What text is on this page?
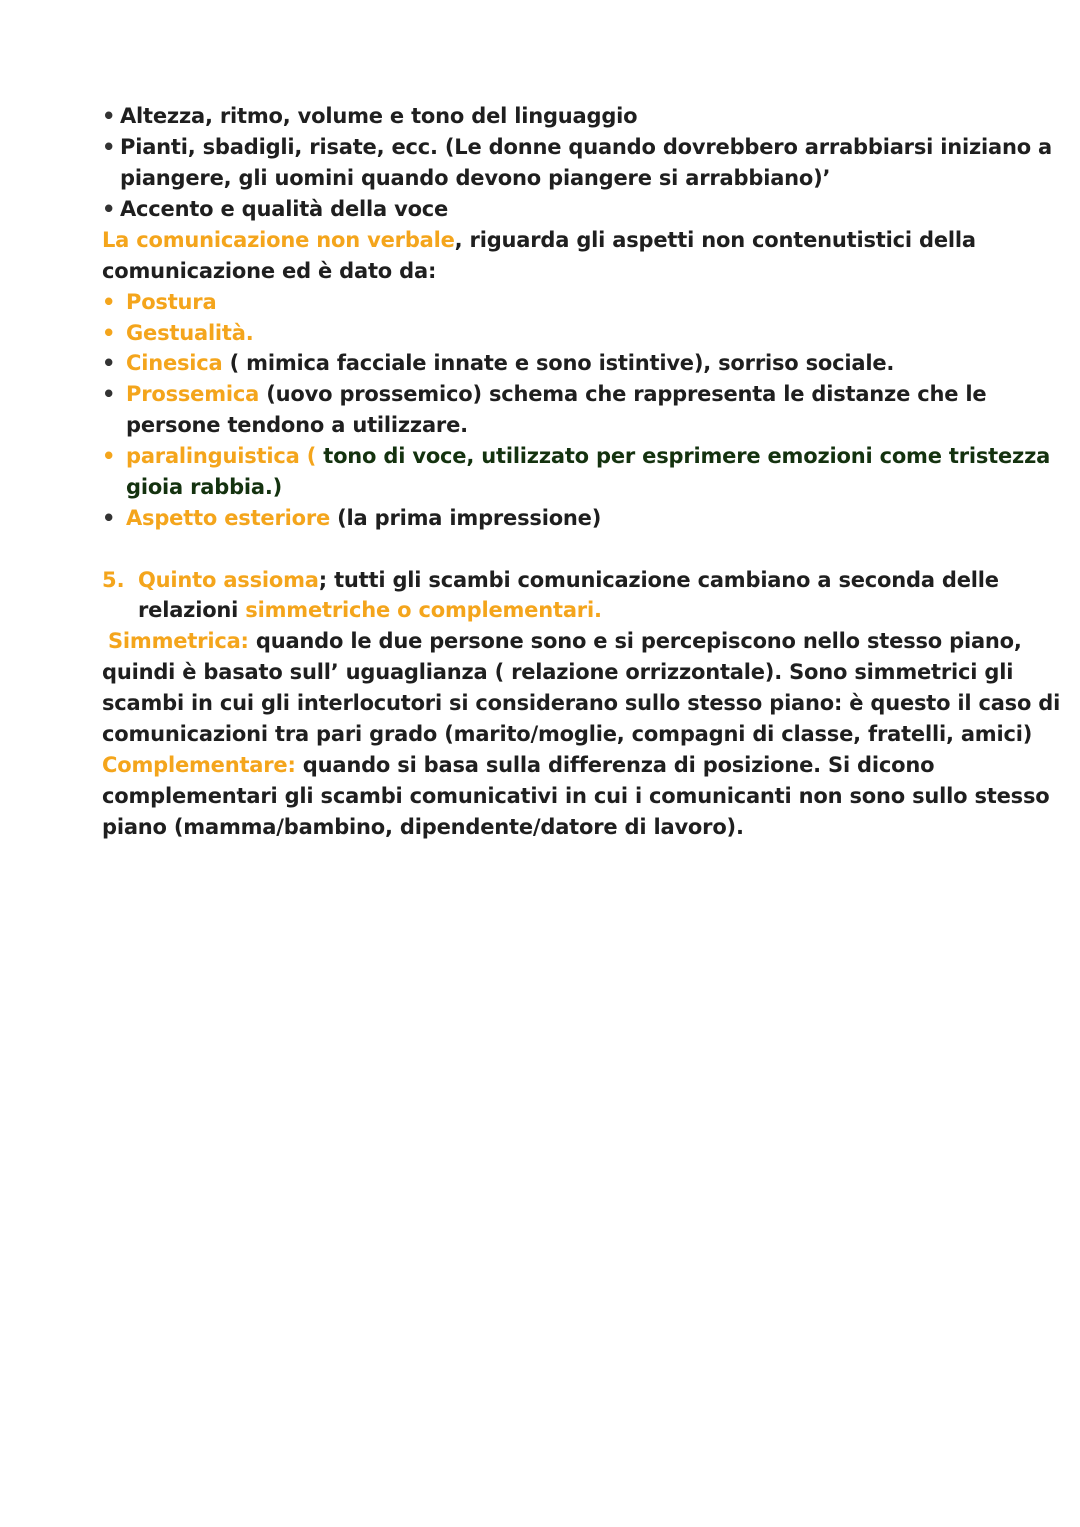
• Altezza, ritmo, volume e tono del linguaggio
• Pianti, sbadigli, risate, ecc. (Le donne quando dovrebbero arrabbiarsi iniziano a
piangere, gli uomini quando devono piangere si arrabbiano)’
• Accento e qualità della voce
La comunicazione non verbale, riguarda gli aspetti non contenutistici della
comunicazione ed è dato da:
• Postura
• Gestualità.
• Cinesica ( mimica facciale innate e sono istintive), sorriso sociale.
• Prossemica (uovo prossemico) schema che rappresenta le distanze che le
persone tendono a utilizzare.
• paralinguistica ( tono di voce, utilizzato per esprimere emozioni come tristezza
gioia rabbia.)
• Aspetto esteriore (la prima impressione)
5. Quinto assioma; tutti gli scambi comunicazione cambiano a seconda delle
relazioni simmetriche o complementari.
Simmetrica: quando le due persone sono e si percepiscono nello stesso piano,
quindi è basato sull’ uguaglianza ( relazione orrizzontale). Sono simmetrici gli
scambi in cui gli interlocutori si considerano sullo stesso piano: è questo il caso di
comunicazioni tra pari grado (marito/moglie, compagni di classe, fratelli, amici)
Complementare: quando si basa sulla differenza di posizione. Si dicono
complementari gli scambi comunicativi in cui i comunicanti non sono sullo stesso
piano (mamma/bambino, dipendente/datore di lavoro).
